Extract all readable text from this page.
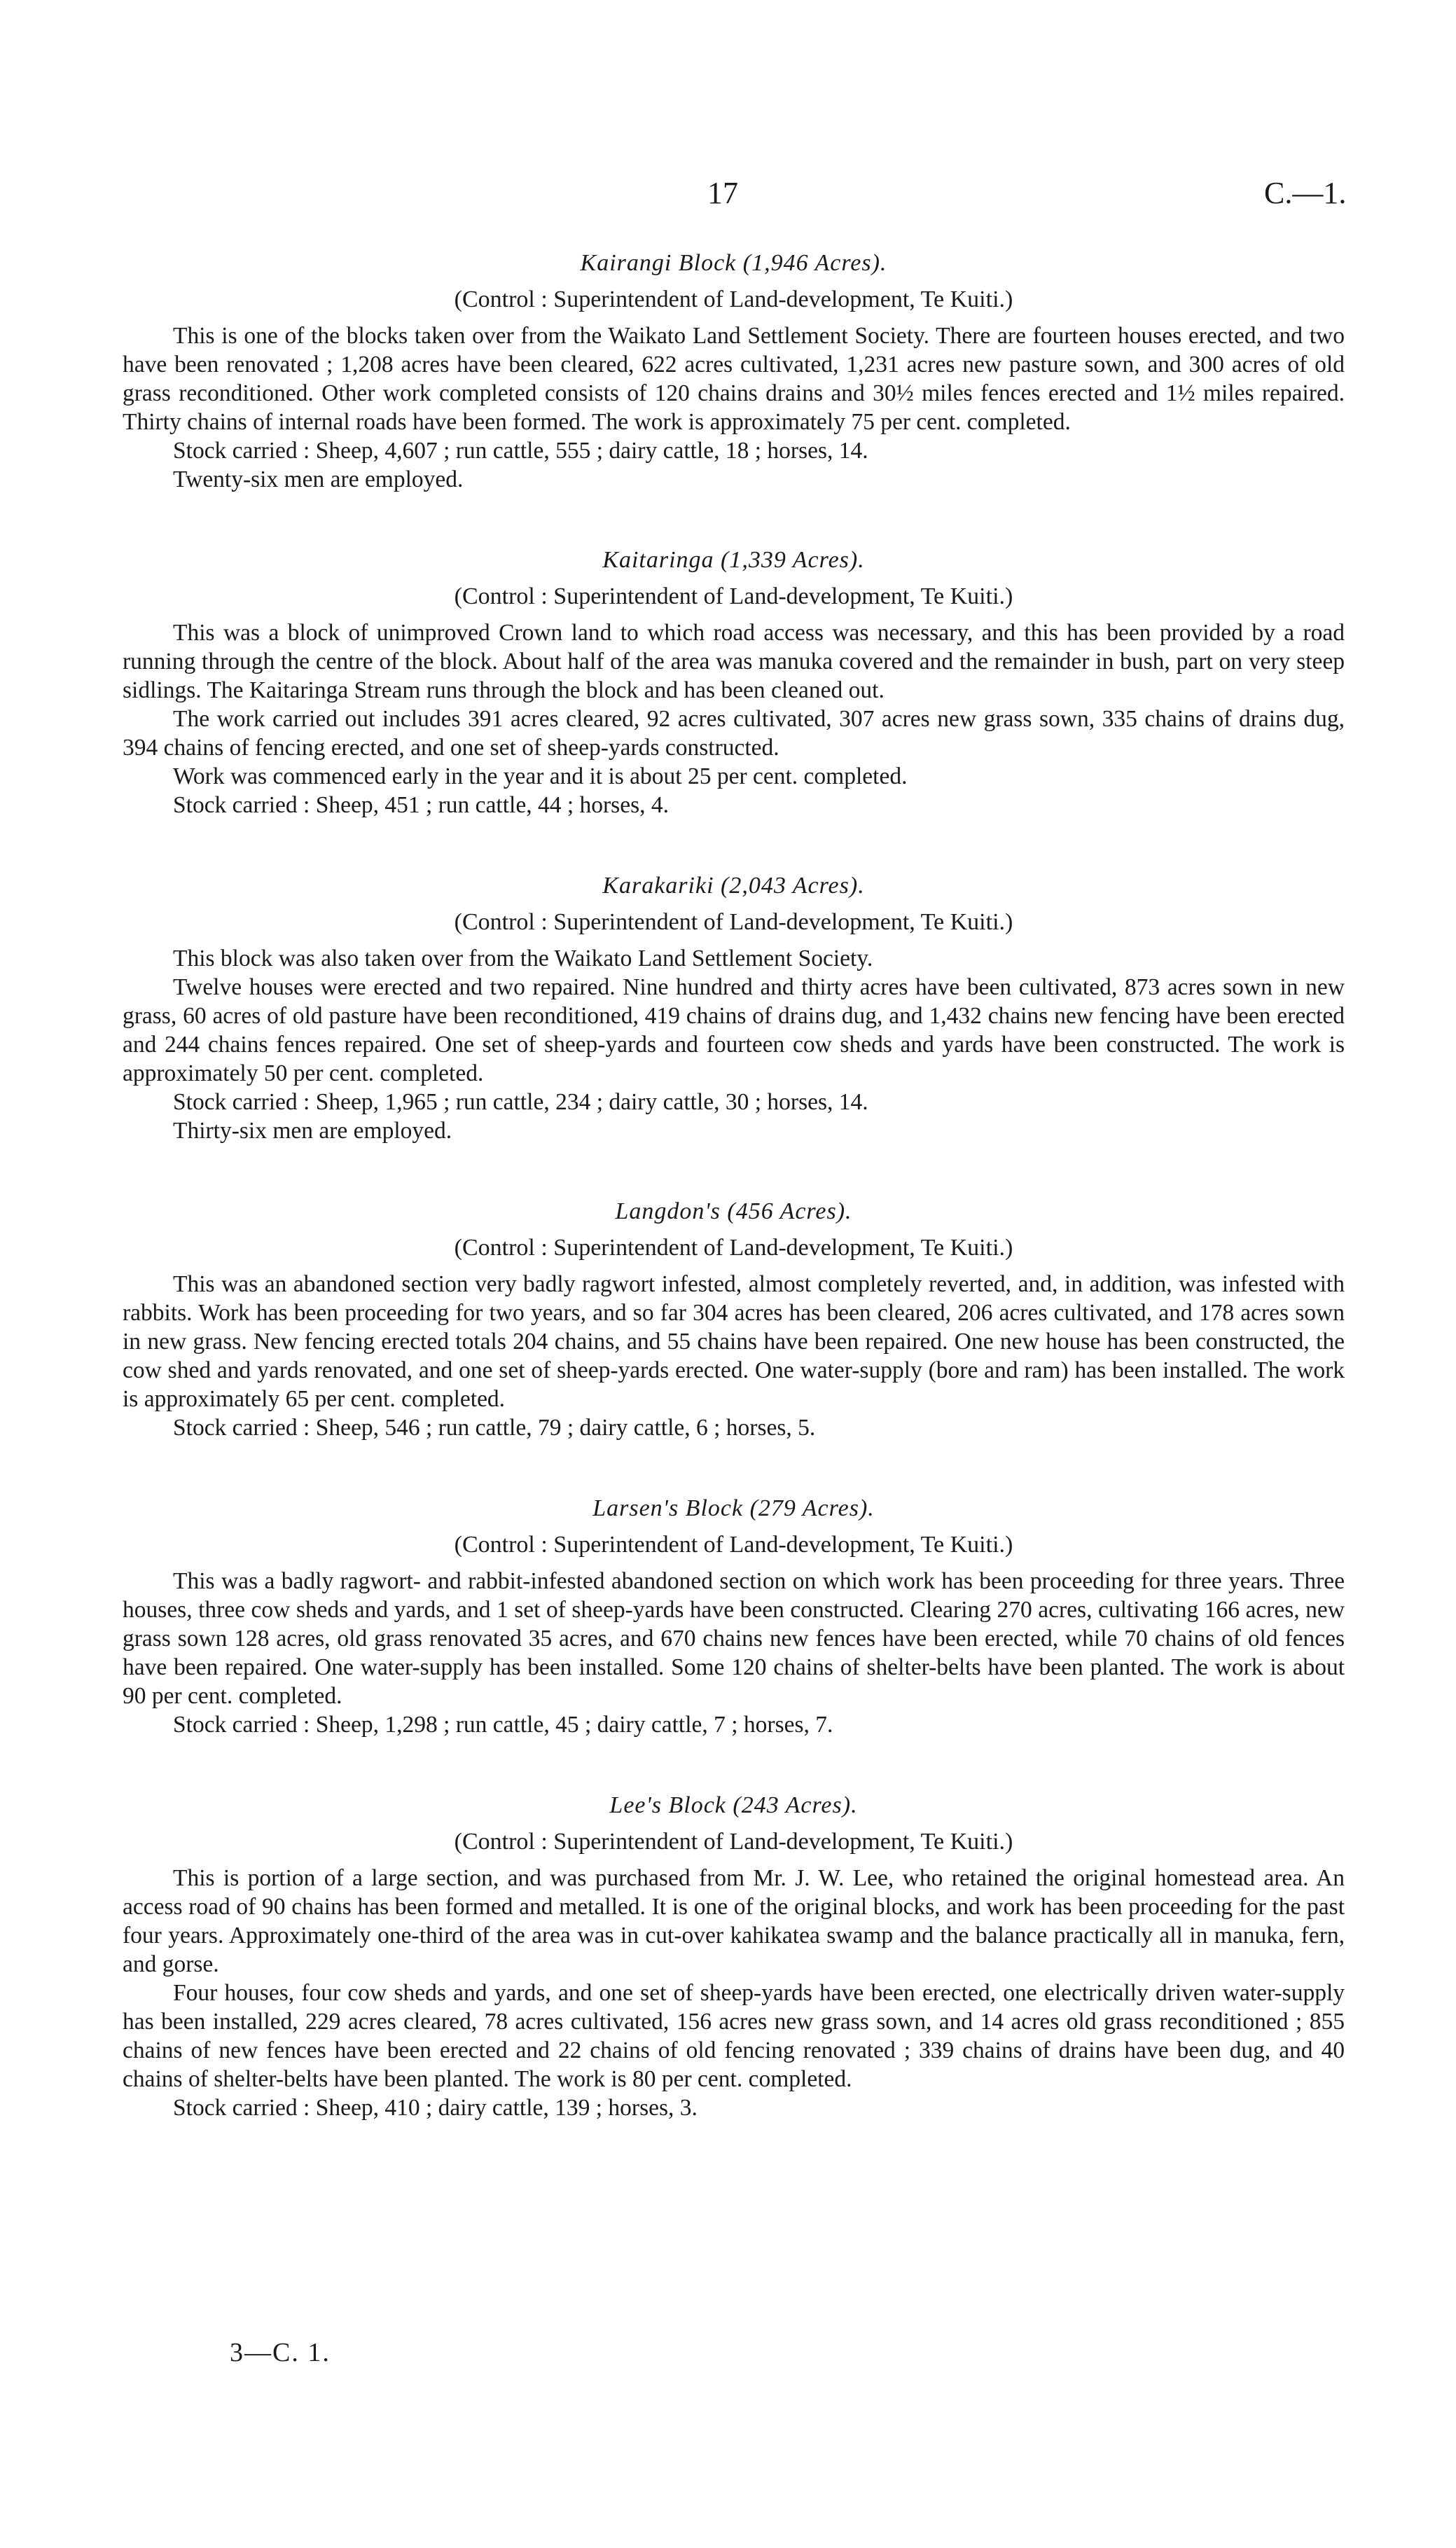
17	C.—1.
Kairangi Block (1,946 Acres).
(Control : Superintendent of Land-development, Te Kuiti.)

This is one of the blocks taken over from the Waikato Land Settlement Society. There are fourteen houses erected, and two have been renovated ; 1,208 acres have been cleared, 622 acres cultivated, 1,231 acres new pasture sown, and 300 acres of old grass reconditioned. Other work completed consists of 120 chains drains and 30½ miles fences erected and 1½ miles repaired. Thirty chains of internal roads have been formed. The work is approximately 75 per cent. completed.

Stock carried : Sheep, 4,607 ; run cattle, 555 ; dairy cattle, 18 ; horses, 14.

Twenty-six men are employed.

Kaitaringa (1,339 Acres).
(Control : Superintendent of Land-development, Te Kuiti.)

This was a block of unimproved Crown land to which road access was necessary, and this has been provided by a road running through the centre of the block. About half of the area was manuka covered and the remainder in bush, part on very steep sidlings. The Kaitaringa Stream runs through the block and has been cleaned out.

The work carried out includes 391 acres cleared, 92 acres cultivated, 307 acres new grass sown, 335 chains of drains dug, 394 chains of fencing erected, and one set of sheep-yards constructed.

Work was commenced early in the year and it is about 25 per cent. completed.

Stock carried : Sheep, 451 ; run cattle, 44 ; horses, 4.

Karakariki (2,043 Acres).
(Control : Superintendent of Land-development, Te Kuiti.)

This block was also taken over from the Waikato Land Settlement Society.

Twelve houses were erected and two repaired. Nine hundred and thirty acres have been cultivated, 873 acres sown in new grass, 60 acres of old pasture have been reconditioned, 419 chains of drains dug, and 1,432 chains new fencing have been erected and 244 chains fences repaired. One set of sheep-yards and fourteen cow sheds and yards have been constructed. The work is approximately 50 per cent. completed.

Stock carried : Sheep, 1,965 ; run cattle, 234 ; dairy cattle, 30 ; horses, 14.

Thirty-six men are employed.

Langdon's (456 Acres).
(Control : Superintendent of Land-development, Te Kuiti.)

This was an abandoned section very badly ragwort infested, almost completely reverted, and, in addition, was infested with rabbits. Work has been proceeding for two years, and so far 304 acres has been cleared, 206 acres cultivated, and 178 acres sown in new grass. New fencing erected totals 204 chains, and 55 chains have been repaired. One new house has been constructed, the cow shed and yards renovated, and one set of sheep-yards erected. One water-supply (bore and ram) has been installed. The work is approximately 65 per cent. completed.

Stock carried : Sheep, 546 ; run cattle, 79 ; dairy cattle, 6 ; horses, 5.

Larsen's Block (279 Acres).
(Control : Superintendent of Land-development, Te Kuiti.)

This was a badly ragwort- and rabbit-infested abandoned section on which work has been proceeding for three years. Three houses, three cow sheds and yards, and 1 set of sheep-yards have been constructed. Clearing 270 acres, cultivating 166 acres, new grass sown 128 acres, old grass renovated 35 acres, and 670 chains new fences have been erected, while 70 chains of old fences have been repaired. One water-supply has been installed. Some 120 chains of shelter-belts have been planted. The work is about 90 per cent. completed.

Stock carried : Sheep, 1,298 ; run cattle, 45 ; dairy cattle, 7 ; horses, 7.

Lee's Block (243 Acres).
(Control : Superintendent of Land-development, Te Kuiti.)

This is portion of a large section, and was purchased from Mr. J. W. Lee, who retained the original homestead area. An access road of 90 chains has been formed and metalled. It is one of the original blocks, and work has been proceeding for the past four years. Approximately one-third of the area was in cut-over kahikatea swamp and the balance practically all in manuka, fern, and gorse.

Four houses, four cow sheds and yards, and one set of sheep-yards have been erected, one electrically driven water-supply has been installed, 229 acres cleared, 78 acres cultivated, 156 acres new grass sown, and 14 acres old grass reconditioned ; 855 chains of new fences have been erected and 22 chains of old fencing renovated ; 339 chains of drains have been dug, and 40 chains of shelter-belts have been planted. The work is 80 per cent. completed.

Stock carried : Sheep, 410 ; dairy cattle, 139 ; horses, 3.

3—C. 1.
